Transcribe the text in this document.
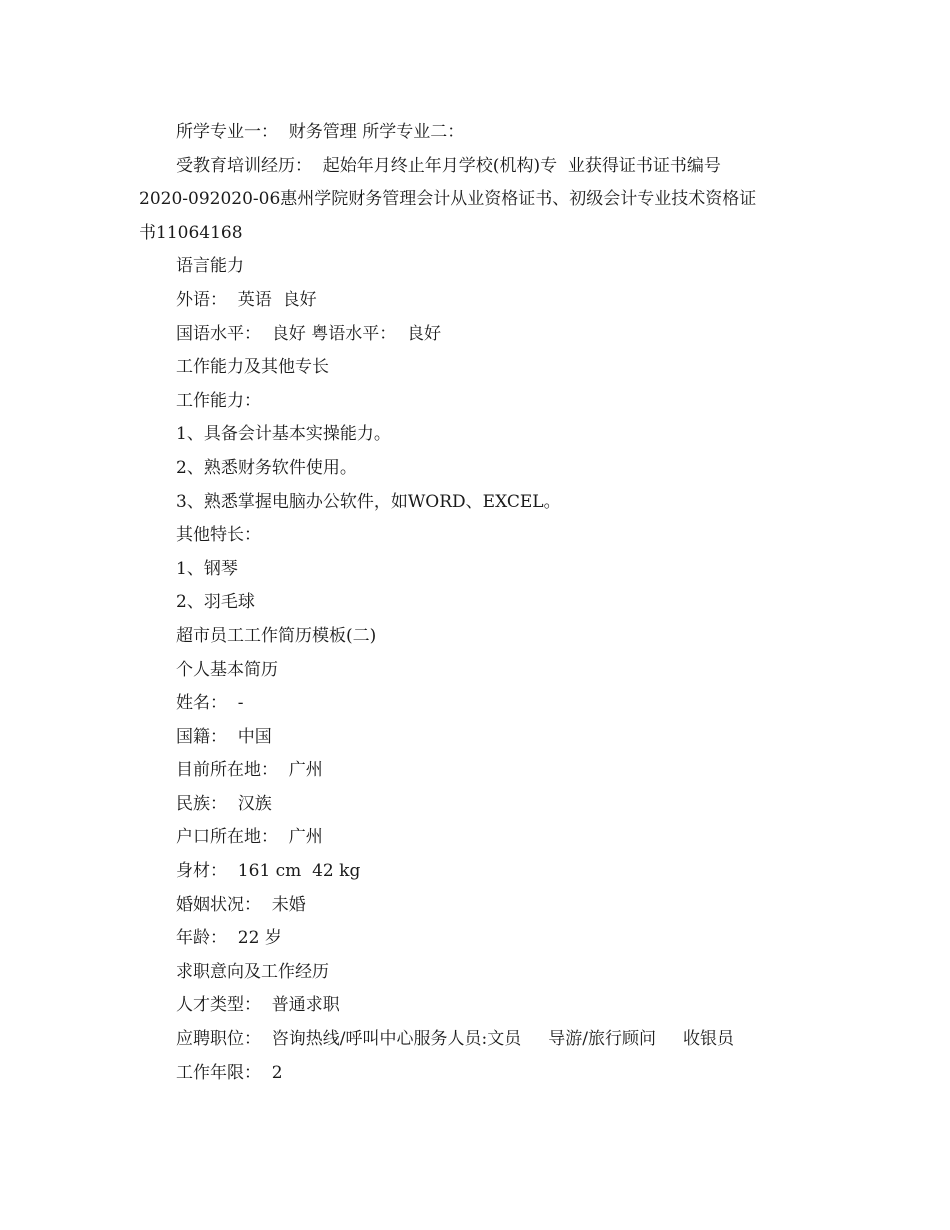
所学专业一：  财务管理 所学专业二：

受教育培训经历：  起始年月终止年月学校(机构)专  业获得证书证书编号

2020-092020-06惠州学院财务管理会计从业资格证书、初级会计专业技术资格证

书11064168

语言能力

外语：  英语  良好

国语水平：  良好 粤语水平：  良好

工作能力及其他专长

工作能力：

1、具备会计基本实操能力。

2、熟悉财务软件使用。

3、熟悉掌握电脑办公软件，如WORD、EXCEL。

其他特长：

1、钢琴

2、羽毛球

超市员工工作简历模板(二)

个人基本简历

姓名：  -

国籍：  中国

目前所在地：  广州

民族：  汉族

户口所在地：  广州

身材：  161 cm  42 kg

婚姻状况：  未婚

年龄：  22 岁

求职意向及工作经历

人才类型：  普通求职

应聘职位：  咨询热线/呼叫中心服务人员:文员     导游/旅行顾问     收银员

工作年限：  2
